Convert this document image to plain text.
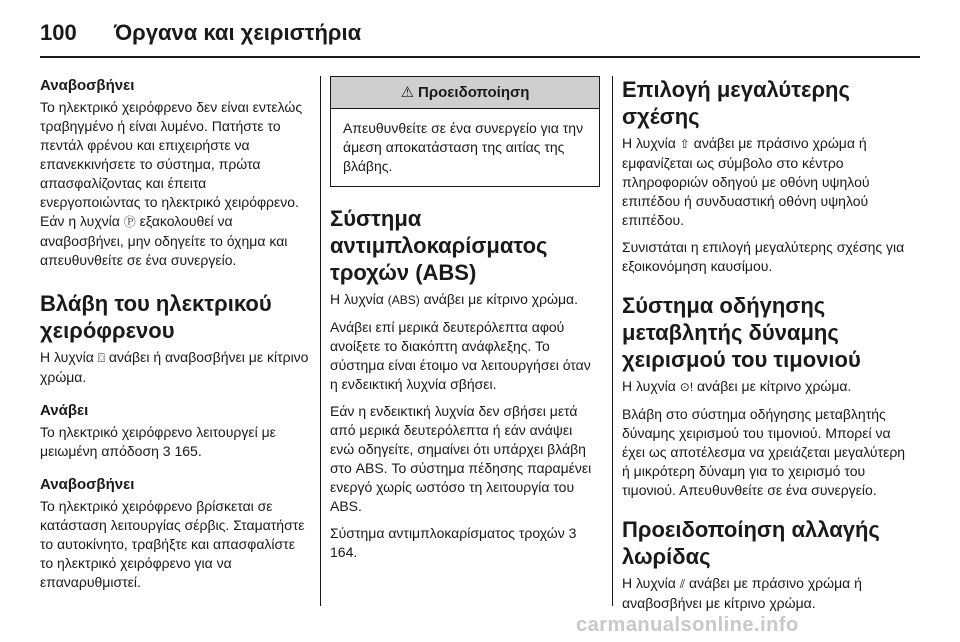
100 Όργανα και χειριστήρια
Αναβοσβήνει

Το ηλεκτρικό χειρόφρενο δεν είναι εντελώς τραβηγμένο ή είναι λυμένο. Πατήστε το πεντάλ φρένου και επιχειρήστε να επανεκκινήσετε το σύστημα, πρώτα απασφαλίζοντας και έπειτα ενεργοποιώντας το ηλεκτρικό χειρόφρενο. Εάν η λυχνία Ⓟ εξακολουθεί να αναβοσβήνει, μην οδηγείτε το όχημα και απευθυνθείτε σε ένα συνεργείο.

Βλάβη του ηλεκτρικού χειρόφρενου

Η λυχνία ⌼ ανάβει ή αναβοσβήνει με κίτρινο χρώμα.

Ανάβει

Το ηλεκτρικό χειρόφρενο λειτουργεί με μειωμένη απόδοση 3 165.

Αναβοσβήνει

Το ηλεκτρικό χειρόφρενο βρίσκεται σε κατάσταση λειτουργίας σέρβις. Σταματήστε το αυτοκίνητο, τραβήξτε και απασφαλίστε το ηλεκτρικό χειρόφρενο για να επαναρυθμιστεί.

⚠ Προειδοποίηση
Απευθυνθείτε σε ένα συνεργείο για την άμεση αποκατάσταση της αιτίας της βλάβης.
Σύστημα αντιμπλοκαρίσματος τροχών (ABS)

Η λυχνία (ABS) ανάβει με κίτρινο χρώμα.

Ανάβει επί μερικά δευτερόλεπτα αφού ανοίξετε το διακόπτη ανάφλεξης. Το σύστημα είναι έτοιμο να λειτουργήσει όταν η ενδεικτική λυχνία σβήσει.

Εάν η ενδεικτική λυχνία δεν σβήσει μετά από μερικά δευτερόλεπτα ή εάν ανάψει ενώ οδηγείτε, σημαίνει ότι υπάρχει βλάβη στο ABS. Το σύστημα πέδησης παραμένει ενεργό χωρίς ωστόσο τη λειτουργία του ABS.

Σύστημα αντιμπλοκαρίσματος τροχών 3 164.

Επιλογή μεγαλύτερης σχέσης

Η λυχνία ⇧ ανάβει με πράσινο χρώμα ή εμφανίζεται ως σύμβολο στο κέντρο πληροφοριών οδηγού με οθόνη υψηλού επιπέδου ή συνδυαστική οθόνη υψηλού επιπέδου.

Συνιστάται η επιλογή μεγαλύτερης σχέσης για εξοικονόμηση καυσίμου.

Σύστημα οδήγησης μεταβλητής δύναμης χειρισμού του τιμονιού

Η λυχνία ⊙! ανάβει με κίτρινο χρώμα.

Βλάβη στο σύστημα οδήγησης μεταβλητής δύναμης χειρισμού του τιμονιού. Μπορεί να έχει ως αποτέλεσμα να χρειάζεται μεγαλύτερη ή μικρότερη δύναμη για το χειρισμό του τιμονιού. Απευθυνθείτε σε ένα συνεργείο.

Προειδοποίηση αλλαγής λωρίδας

Η λυχνία ⫽ ανάβει με πράσινο χρώμα ή αναβοσβήνει με κίτρινο χρώμα.

carmanualsonline.info
